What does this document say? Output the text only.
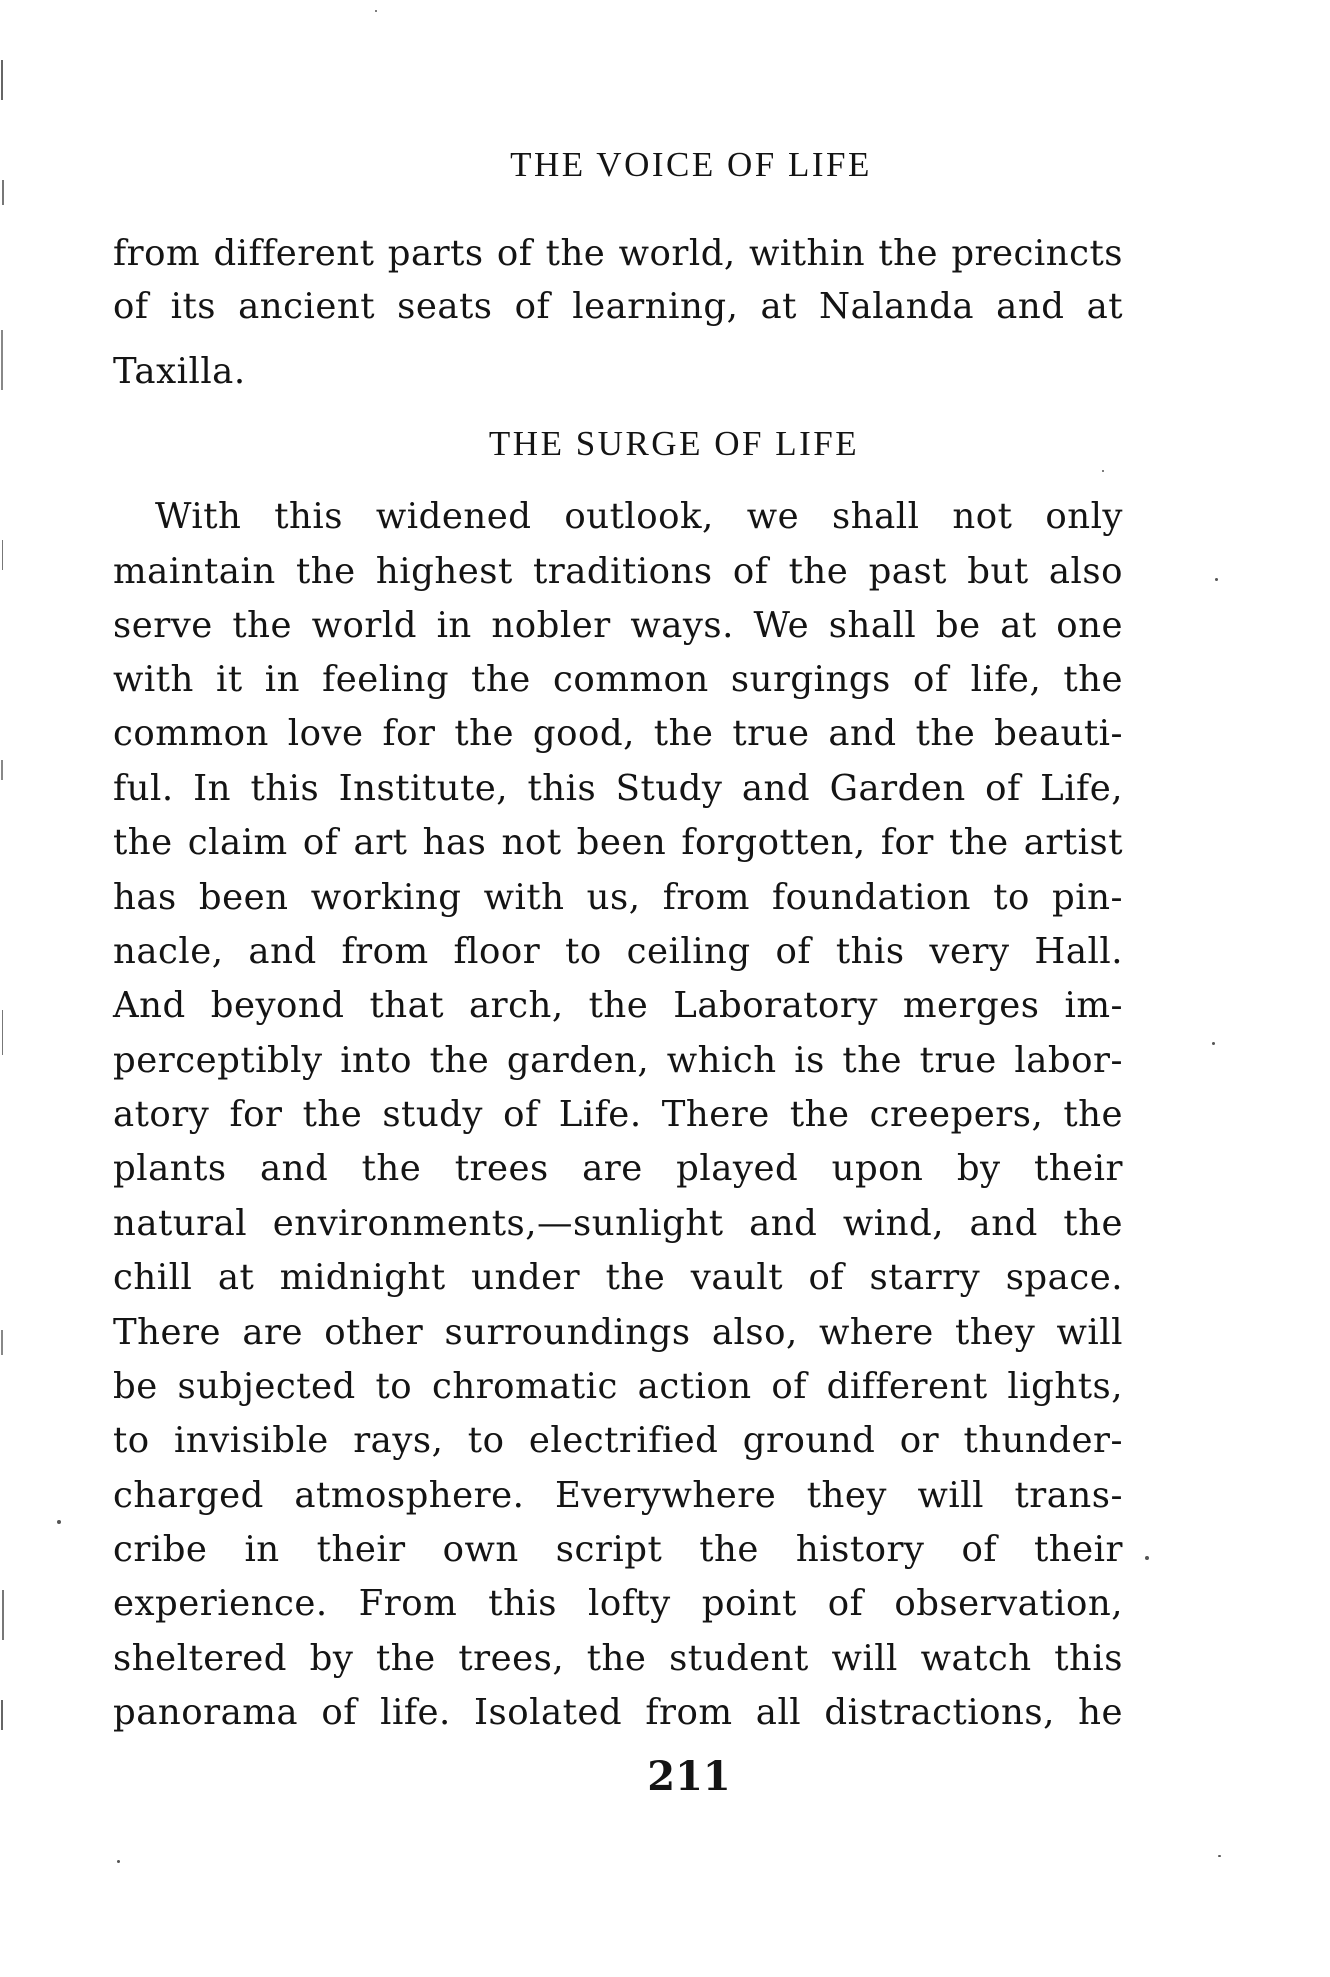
THE VOICE OF LIFE
from different parts of the world, within the precincts
of its ancient seats of learning, at Nalanda and at
Taxilla.
THE SURGE OF LIFE
With this widened outlook, we shall not only
maintain the highest traditions of the past but also
serve the world in nobler ways. We shall be at one
with it in feeling the common surgings of life, the
common love for the good, the true and the beauti-
ful. In this Institute, this Study and Garden of Life,
the claim of art has not been forgotten, for the artist
has been working with us, from foundation to pin-
nacle, and from floor to ceiling of this very Hall.
And beyond that arch, the Laboratory merges im-
perceptibly into the garden, which is the true labor-
atory for the study of Life. There the creepers, the
plants and the trees are played upon by their
natural environments,—sunlight and wind, and the
chill at midnight under the vault of starry space.
There are other surroundings also, where they will
be subjected to chromatic action of different lights,
to invisible rays, to electrified ground or thunder-
charged atmosphere. Everywhere they will trans-
cribe in their own script the history of their
experience. From this lofty point of observation,
sheltered by the trees, the student will watch this
panorama of life. Isolated from all distractions, he
211
